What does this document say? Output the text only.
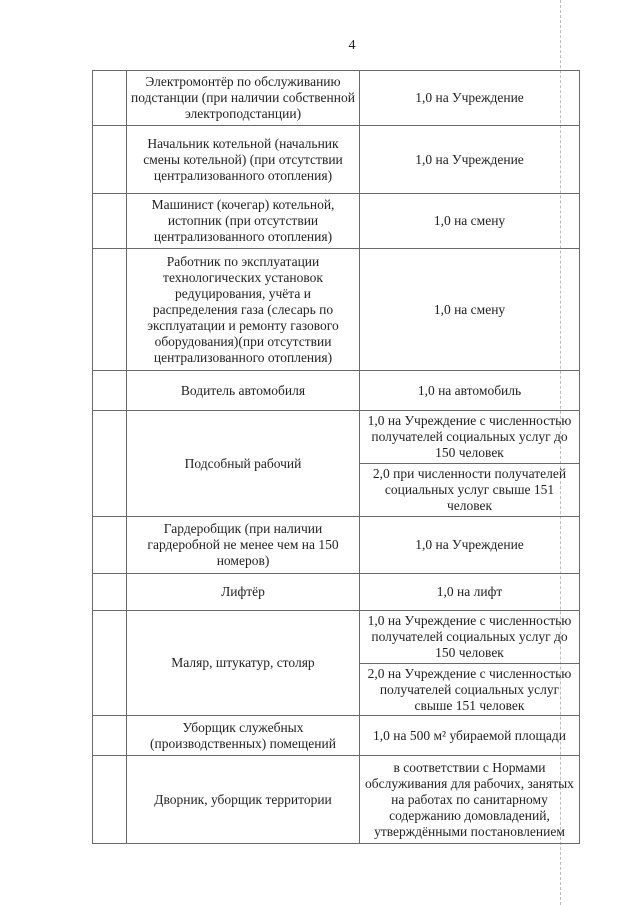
4
	Электромонтёр по обслуживанию подстанции (при наличии собственной электроподстанции)	1,0 на Учреждение
	Начальник котельной (начальник смены котельной) (при отсутствии централизованного отопления)	1,0 на Учреждение
	Машинист (кочегар) котельной, истопник (при отсутствии централизованного отопления)	1,0 на смену
	Работник по эксплуатации технологических установок редуцирования, учёта и распределения газа (слесарь по эксплуатации и ремонту газового оборудования)(при отсутствии централизованного отопления)	1,0 на смену
	Водитель автомобиля	1,0 на автомобиль
	Подсобный рабочий	1,0 на Учреждение с численностью получателей социальных услуг до 150 человек
		2,0 при численности получателей социальных услуг свыше 151 человек
	Гардеробщик (при наличии гардеробной не менее чем на 150 номеров)	1,0 на Учреждение
	Лифтёр	1,0 на лифт
	Маляр, штукатур, столяр	1,0 на Учреждение с численностью получателей социальных услуг до 150 человек
		2,0 на Учреждение с численностью получателей социальных услуг свыше 151 человек
	Уборщик служебных (производственных) помещений	1,0 на 500 м² убираемой площади
	Дворник, уборщик территории	в соответствии с Нормами обслуживания для рабочих, занятых на работах по санитарному содержанию домовладений, утверждёнными постановлением
